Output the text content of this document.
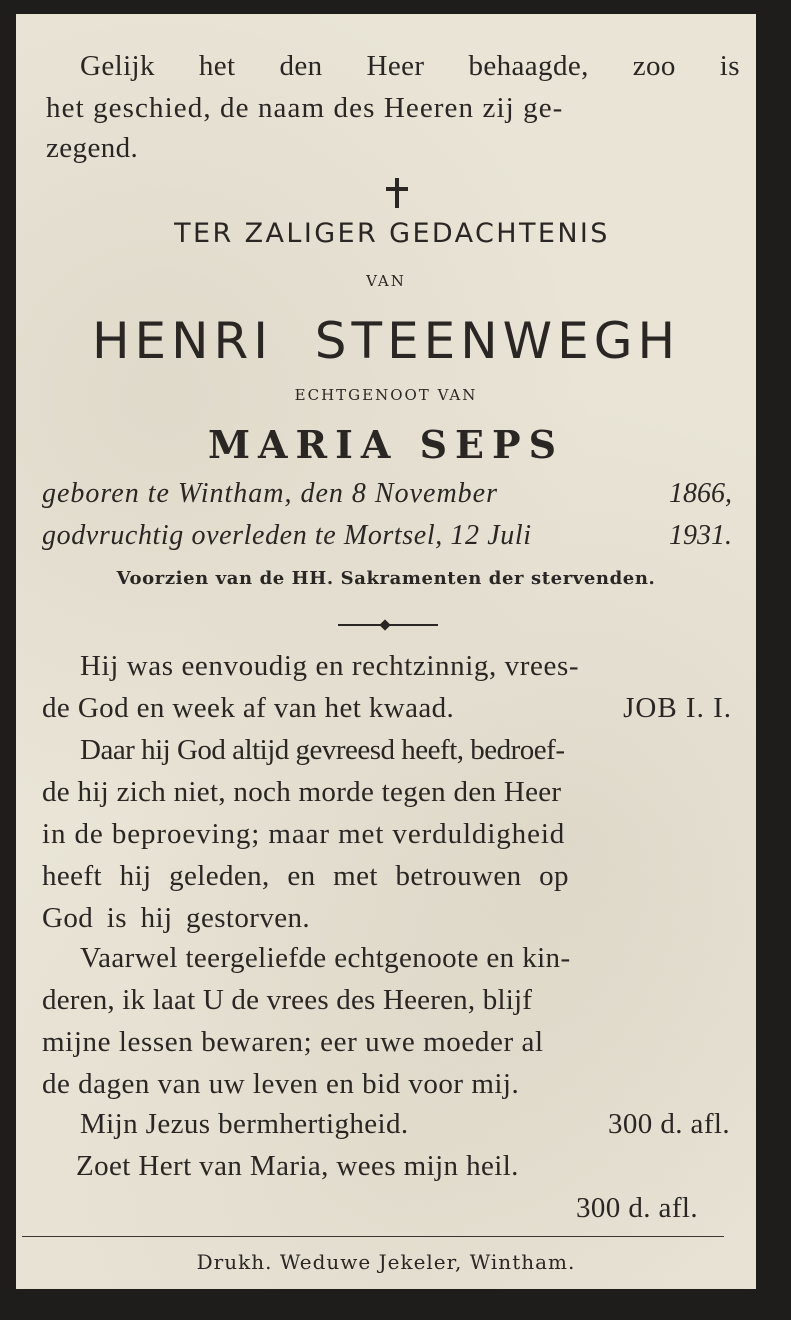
Gelijk het den Heer behaagde, zoo is
het geschied, de naam des Heeren zij ge-
zegend.
TER ZALIGER GEDACHTENIS
VAN
HENRI  STEENWEGH
ECHTGENOOT VAN
MARIA SEPS
geboren te Wintham, den 8 November	1866,
godvruchtig overleden te Mortsel, 12 Juli	1931.
Voorzien van de HH. Sakramenten der stervenden.
Hij was eenvoudig en rechtzinnig, vrees-
de God en week af van het kwaad.	JOB I. I.
Daar hij God altijd gevreesd heeft, bedroef-
de hij zich niet, noch morde tegen den Heer
in de beproeving; maar met verduldigheid
heeft hij geleden, en met betrouwen op
God is hij gestorven.
Vaarwel teergeliefde echtgenoote en kin-
deren, ik laat U de vrees des Heeren, blijf
mijne lessen bewaren; eer uwe moeder al
de dagen van uw leven en bid voor mij.
Mijn Jezus bermhertigheid.	300 d. afl.
Zoet Hert van Maria, wees mijn heil.
300 d. afl.
Drukh. Weduwe Jekeler, Wintham.
